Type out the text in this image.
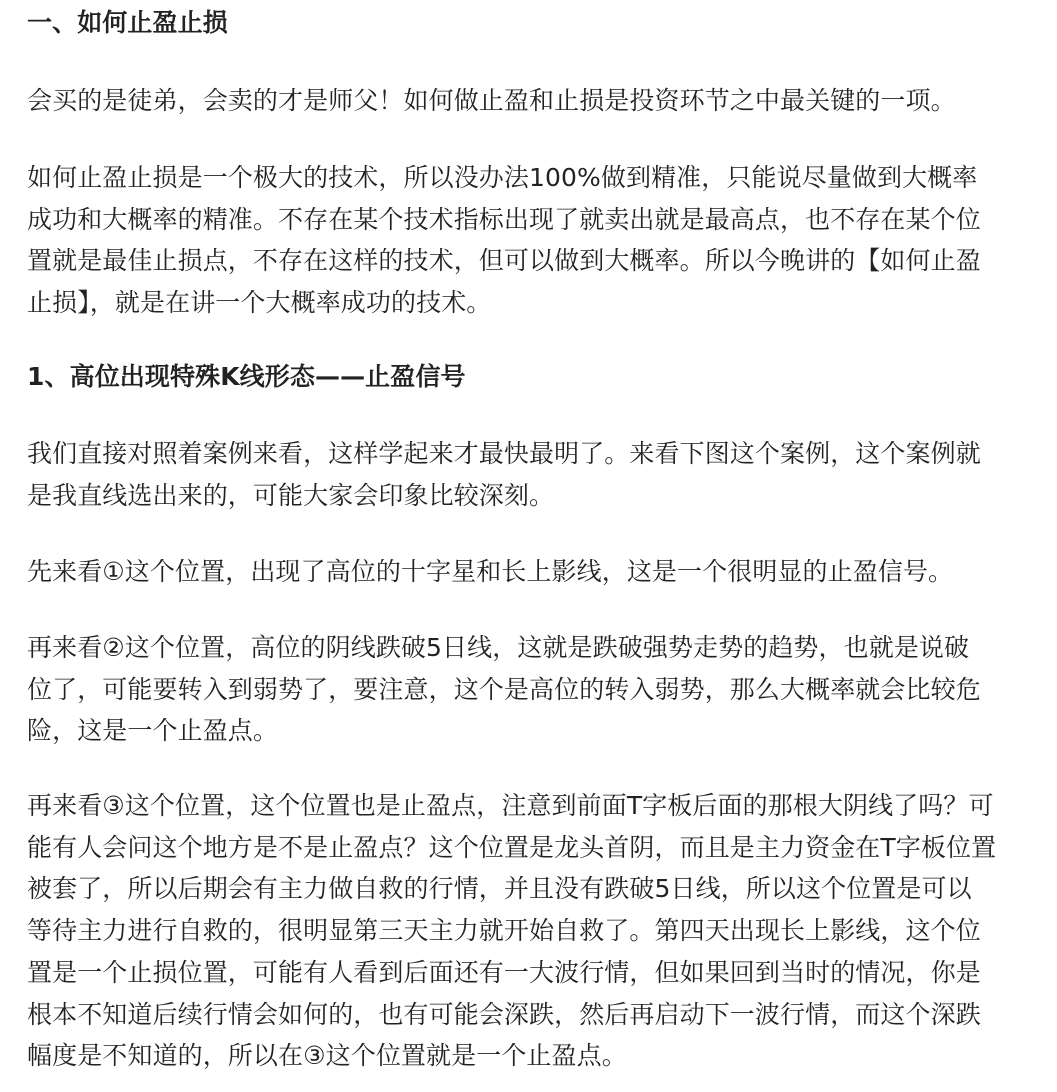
一、如何止盈止损
会买的是徒弟，会卖的才是师父！如何做止盈和止损是投资环节之中最关键的一项。
如何止盈止损是一个极大的技术，所以没办法100%做到精准，只能说尽量做到大概率
成功和大概率的精准。不存在某个技术指标出现了就卖出就是最高点，也不存在某个位
置就是最佳止损点，不存在这样的技术，但可以做到大概率。所以今晚讲的【如何止盈
止损】，就是在讲一个大概率成功的技术。
1、高位出现特殊K线形态——止盈信号
我们直接对照着案例来看，这样学起来才最快最明了。来看下图这个案例，这个案例就
是我直线选出来的，可能大家会印象比较深刻。
先来看①这个位置，出现了高位的十字星和长上影线，这是一个很明显的止盈信号。
再来看②这个位置，高位的阴线跌破5日线，这就是跌破强势走势的趋势，也就是说破
位了，可能要转入到弱势了，要注意，这个是高位的转入弱势，那么大概率就会比较危
险，这是一个止盈点。
再来看③这个位置，这个位置也是止盈点，注意到前面T字板后面的那根大阴线了吗？可
能有人会问这个地方是不是止盈点？这个位置是龙头首阴，而且是主力资金在T字板位置
被套了，所以后期会有主力做自救的行情，并且没有跌破5日线，所以这个位置是可以
等待主力进行自救的，很明显第三天主力就开始自救了。第四天出现长上影线，这个位
置是一个止损位置，可能有人看到后面还有一大波行情，但如果回到当时的情况，你是
根本不知道后续行情会如何的，也有可能会深跌，然后再启动下一波行情，而这个深跌
幅度是不知道的，所以在③这个位置就是一个止盈点。
